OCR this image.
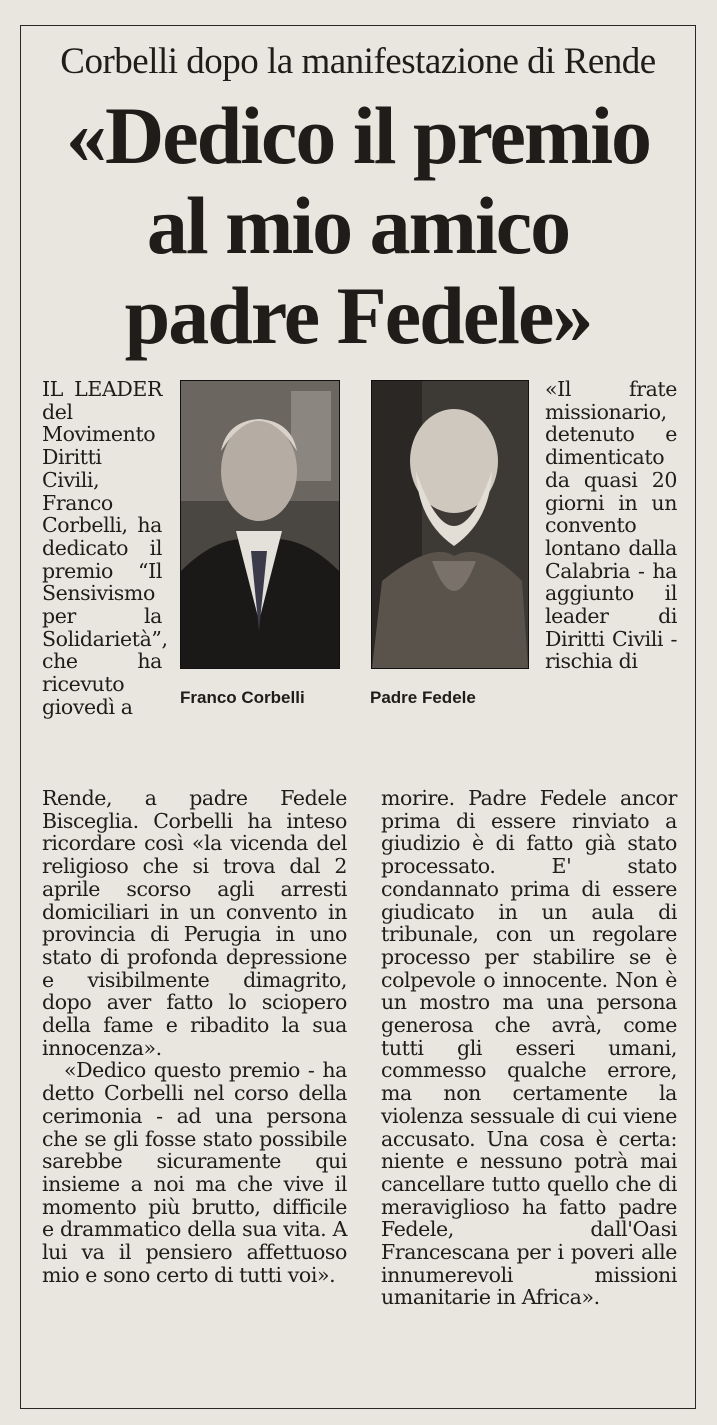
Corbelli dopo la manifestazione di Rende
«Dedico il premio
al mio amico
padre Fedele»
Franco Corbelli	Padre Fedele

IL LEADER del Movimento Diritti Civili, Franco Corbelli, ha dedicato il premio “Il Sensivismo per la Solidarietà”, che ha ricevuto giovedì a

Rende, a padre Fedele Bisceglia. Corbelli ha inteso ricordare così «la vicenda del religioso che si trova dal 2 aprile scorso agli arresti domiciliari in un convento in provincia di Perugia in uno stato di profonda depressione e visibilmente dimagrito, dopo aver fatto lo sciopero della fame e ribadito la sua innocenza».

«Dedico questo premio - ha detto Corbelli nel corso della cerimonia - ad una persona che se gli fosse stato possibile sarebbe sicuramente qui insieme a noi ma che vive il momento più brutto, difficile e drammatico della sua vita. A lui va il pensiero affettuoso mio e sono certo di tutti voi».

«Il frate missionario, detenuto e dimenticato da quasi 20 giorni in un convento lontano dalla Calabria - ha aggiunto il leader di Diritti Civili - rischia di

morire. Padre Fedele ancor prima di essere rinviato a giudizio è di fatto già stato processato. E' stato condannato prima di essere giudicato in un aula di tribunale, con un regolare processo per stabilire se è colpevole o innocente. Non è un mostro ma una persona generosa che avrà, come tutti gli esseri umani, commesso qualche errore, ma non certamente la violenza sessuale di cui viene accusato. Una cosa è certa: niente e nessuno potrà mai cancellare tutto quello che di meraviglioso ha fatto padre Fedele, dall'Oasi Francescana per i poveri alle innumerevoli missioni umanitarie in Africa».
